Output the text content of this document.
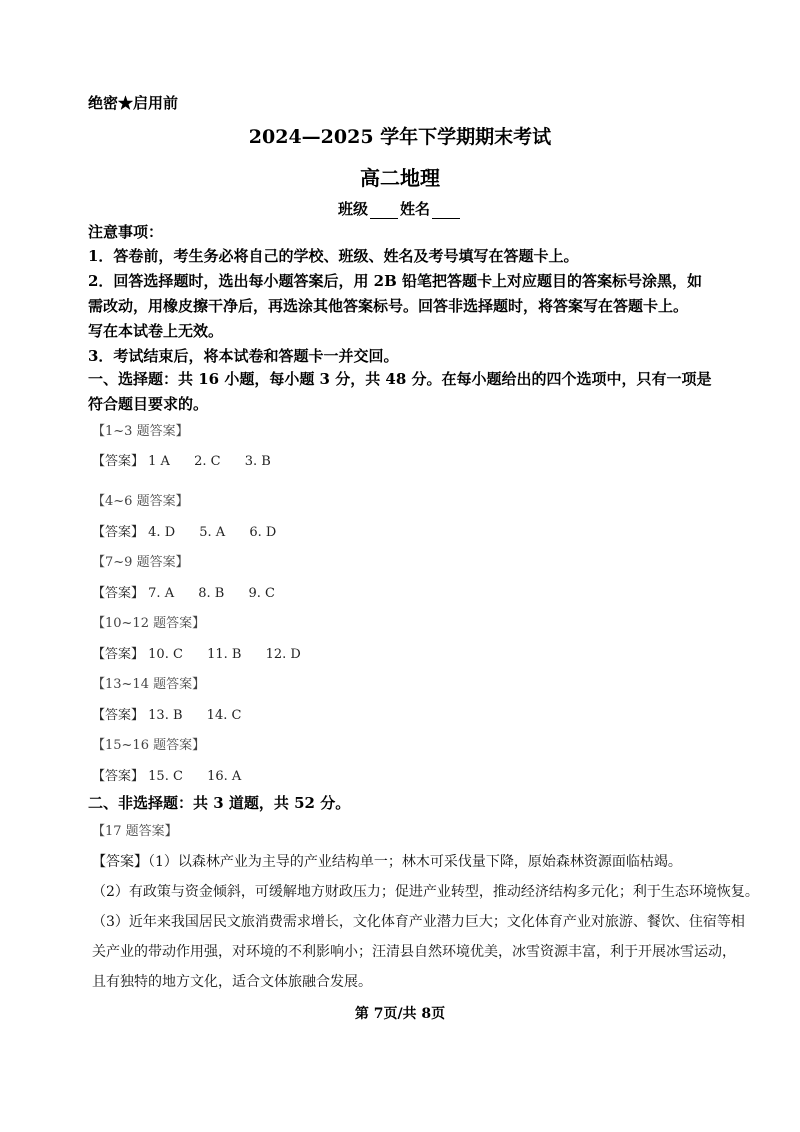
绝密★启用前
2024—2025 学年下学期期末考试
高二地理
班级 姓名
注意事项：
1．答卷前，考生务必将自己的学校、班级、姓名及考号填写在答题卡上。
2．回答选择题时，选出每小题答案后，用 2B 铅笔把答题卡上对应题目的答案标号涂黑，如
需改动，用橡皮擦干净后，再选涂其他答案标号。回答非选择题时，将答案写在答题卡上。
写在本试卷上无效。
3．考试结束后，将本试卷和答题卡一并交回。
一、选择题：共 16 小题，每小题 3 分，共 48 分。在每小题给出的四个选项中，只有一项是
符合题目要求的。
【1~3 题答案】
【答案】 1 A 2. C 3. B
【4~6 题答案】
【答案】 4. D 5. A 6. D
【7~9 题答案】
【答案】 7. A 8. B 9. C
【10~12 题答案】
【答案】 10. C 11. B 12. D
【13~14 题答案】
【答案】 13. B 14. C
【15~16 题答案】
【答案】 15. C 16. A
二、非选择题：共 3 道题，共 52 分。
【17 题答案】
【答案】（1）以森林产业为主导的产业结构单一；林木可采伐量下降，原始森林资源面临枯竭。
（2）有政策与资金倾斜，可缓解地方财政压力；促进产业转型，推动经济结构多元化；利于生态环境恢复。
（3）近年来我国居民文旅消费需求增长，文化体育产业潜力巨大；文化体育产业对旅游、餐饮、住宿等相
关产业的带动作用强，对环境的不利影响小；汪清县自然环境优美，冰雪资源丰富，利于开展冰雪运动，
且有独特的地方文化，适合文体旅融合发展。
第 7页/共 8页
